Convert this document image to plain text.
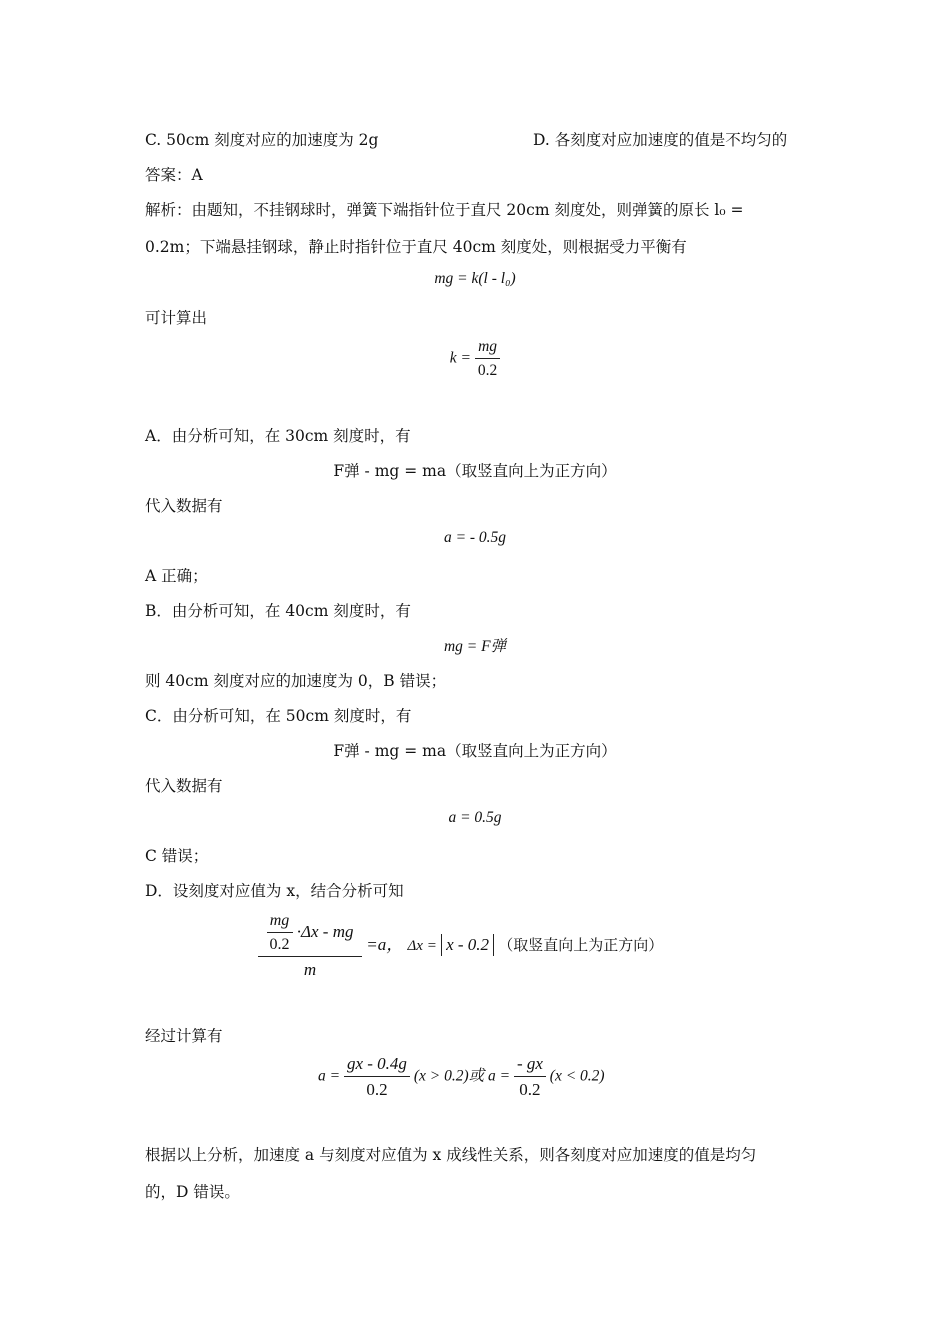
C. 50cm 刻度对应的加速度为 2g	D. 各刻度对应加速度的值是不均匀的
答案：A
解析：由题知，不挂钢球时，弹簧下端指针位于直尺 20cm 刻度处，则弹簧的原长 l₀ =
0.2m；下端悬挂钢球，静止时指针位于直尺 40cm 刻度处，则根据受力平衡有
mg = k(l - l₀)
可计算出
$k = \frac{mg}{0.2}$
A．由分析可知，在 30cm 刻度时，有
F弹 - mg = ma（取竖直向上为正方向）
代入数据有
a = - 0.5g
A 正确；
B．由分析可知，在 40cm 刻度时，有
mg = F弹
则 40cm 刻度对应的加速度为 0，B 错误；
C．由分析可知，在 50cm 刻度时，有
F弹 - mg = ma（取竖直向上为正方向）
代入数据有
a = 0.5g
C 错误；
D．设刻度对应值为 x，结合分析可知
$\frac{\frac{mg}{0.2} \cdot\Delta x - mg}{m} =a$， Δx = x - 0.2 （取竖直向上为正方向）
经过计算有
$a = \frac{gx - 0.4g}{0.2} (x > 0.2)$或 $a = \frac{- gx}{0.2} (x < 0.2)$
根据以上分析，加速度 a 与刻度对应值为 x 成线性关系，则各刻度对应加速度的值是均匀
的，D 错误。
